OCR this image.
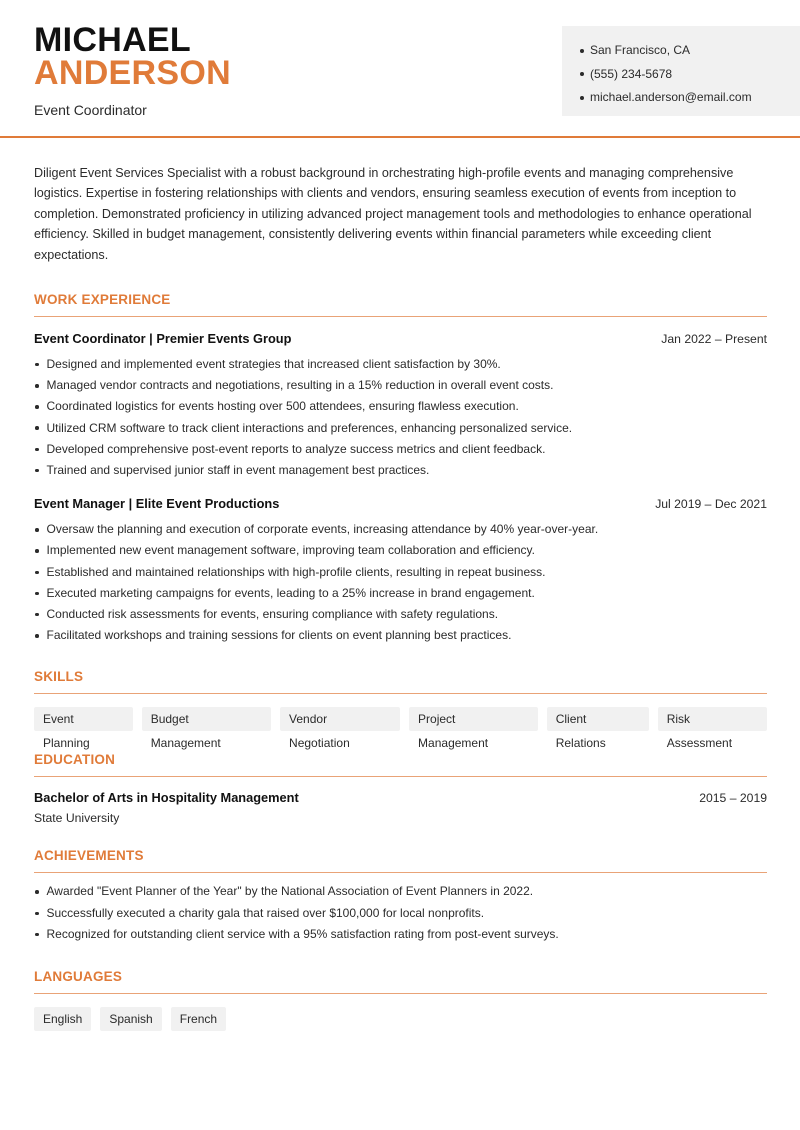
MICHAEL
ANDERSON
Event Coordinator
San Francisco, CA
(555) 234-5678
michael.anderson@email.com

Diligent Event Services Specialist with a robust background in orchestrating high-profile events and managing comprehensive logistics. Expertise in fostering relationships with clients and vendors, ensuring seamless execution of events from inception to completion. Demonstrated proficiency in utilizing advanced project management tools and methodologies to enhance operational efficiency. Skilled in budget management, consistently delivering events within financial parameters while exceeding client expectations.

WORK EXPERIENCE
Event Coordinator | Premier Events Group	Jan 2022 – Present
Designed and implemented event strategies that increased client satisfaction by 30%.
Managed vendor contracts and negotiations, resulting in a 15% reduction in overall event costs.
Coordinated logistics for events hosting over 500 attendees, ensuring flawless execution.
Utilized CRM software to track client interactions and preferences, enhancing personalized service.
Developed comprehensive post-event reports to analyze success metrics and client feedback.
Trained and supervised junior staff in event management best practices.
Event Manager | Elite Event Productions	Jul 2019 – Dec 2021
Oversaw the planning and execution of corporate events, increasing attendance by 40% year-over-year.
Implemented new event management software, improving team collaboration and efficiency.
Established and maintained relationships with high-profile clients, resulting in repeat business.
Executed marketing campaigns for events, leading to a 25% increase in brand engagement.
Conducted risk assessments for events, ensuring compliance with safety regulations.
Facilitated workshops and training sessions for clients on event planning best practices.
SKILLS
Event Planning
Budget Management
Vendor Negotiation
Project Management
Client Relations
Risk Assessment
EDUCATION
Bachelor of Arts in Hospitality Management	2015 – 2019
State University
ACHIEVEMENTS
Awarded "Event Planner of the Year" by the National Association of Event Planners in 2022.
Successfully executed a charity gala that raised over $100,000 for local nonprofits.
Recognized for outstanding client service with a 95% satisfaction rating from post-event surveys.
LANGUAGES
English	Spanish	French
